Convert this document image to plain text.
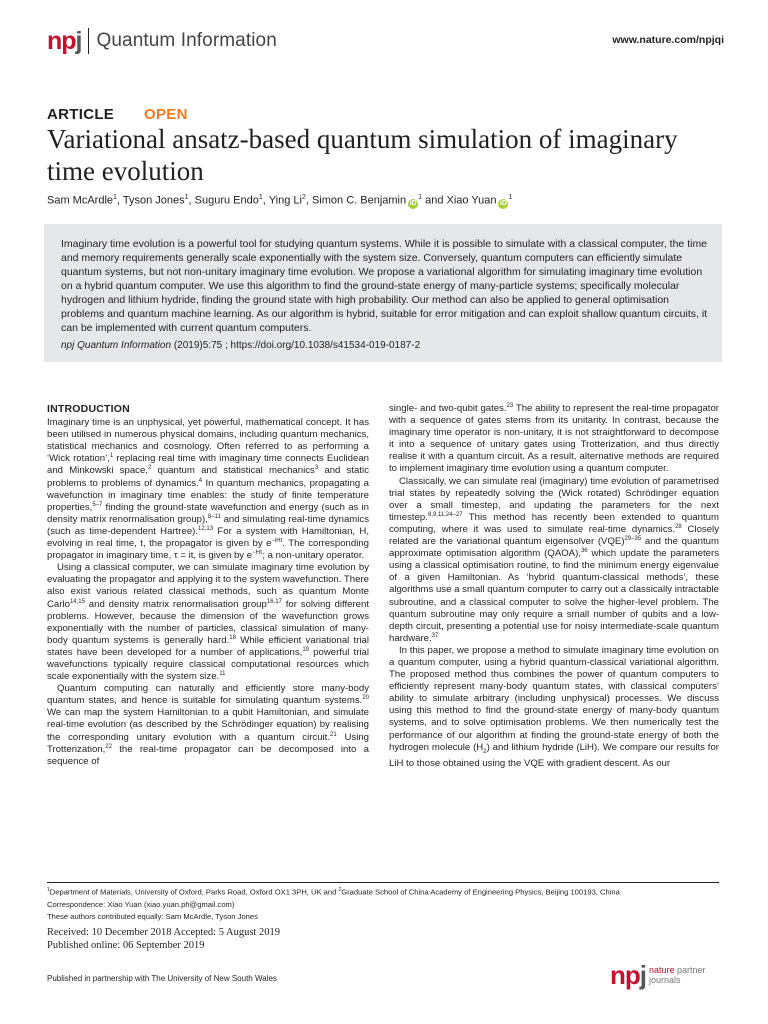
npj Quantum Information	www.nature.com/npjqi
ARTICLE OPEN
Variational ansatz-based quantum simulation of imaginary time evolution
Sam McArdle$^1$, Tyson Jones$^1$, Suguru Endo$^1$, Ying Li$^2$, Simon C. Benjamin $iD^1$ and Xiao Yuan $iD^1$

Imaginary time evolution is a powerful tool for studying quantum systems. While it is possible to simulate with a classical computer, the time and memory requirements generally scale exponentially with the system size. Conversely, quantum computers can efficiently simulate quantum systems, but not non-unitary imaginary time evolution. We propose a variational algorithm for simulating imaginary time evolution on a hybrid quantum computer. We use this algorithm to find the ground-state energy of many-particle systems; specifically molecular hydrogen and lithium hydride, finding the ground state with high probability. Our method can also be applied to general optimisation problems and quantum machine learning. As our algorithm is hybrid, suitable for error mitigation and can exploit shallow quantum circuits, it can be implemented with current quantum computers.

npj Quantum Information (2019)5:75 ; https://doi.org/10.1038/s41534-019-0187-2
INTRODUCTION

Imaginary time is an unphysical, yet powerful, mathematical concept. It has been utilised in numerous physical domains, including quantum mechanics, statistical mechanics and cosmology. Often referred to as performing a ‘Wick rotation’,$^1$ replacing real time with imaginary time connects Euclidean and Minkowski space,$^2$ quantum and statistical mechanics$^3$ and static problems to problems of dynamics.$^4$ In quantum mechanics, propagating a wavefunction in imaginary time enables: the study of finite temperature properties,$^{5-7}$ finding the ground-state wavefunction and energy (such as in density matrix renormalisation group),$^{8-11}$ and simulating real-time dynamics (such as time-dependent Hartree).$^{12,13}$ For a system with Hamiltonian, H, evolving in real time, t, the propagator is given by $e^{-iHt}$. The corresponding propagator in imaginary time, τ = it, is given by $e^{-H\tau}$; a non-unitary operator.

Using a classical computer, we can simulate imaginary time evolution by evaluating the propagator and applying it to the system wavefunction. There also exist various related classical methods, such as quantum Monte Carlo$^{14,15}$ and density matrix renormalisation group$^{16,17}$ for solving different problems. However, because the dimension of the wavefunction grows exponentially with the number of particles, classical simulation of many-body quantum systems is generally hard.$^{18}$ While efficient variational trial states have been developed for a number of applications,$^{19}$ powerful trial wavefunctions typically require classical computational resources which scale exponentially with the system size.$^{11}$

Quantum computing can naturally and efficiently store many-body quantum states, and hence is suitable for simulating quantum systems.$^{20}$ We can map the system Hamiltonian to a qubit Hamiltonian, and simulate real-time evolution (as described by the Schrödinger equation) by realising the corresponding unitary evolution with a quantum circuit.$^{21}$ Using Trotterization,$^{22}$ the real-time propagator can be decomposed into a sequence of

single- and two-qubit gates.$^{23}$ The ability to represent the real-time propagator with a sequence of gates stems from its unitarity. In contrast, because the imaginary time operator is non-unitary, it is not straightforward to decompose it into a sequence of unitary gates using Trotterization, and thus directly realise it with a quantum circuit. As a result, alternative methods are required to implement imaginary time evolution using a quantum computer.

Classically, we can simulate real (imaginary) time evolution of parametrised trial states by repeatedly solving the (Wick rotated) Schrödinger equation over a small timestep, and updating the parameters for the next timestep.$^{8,9,11,24-27}$ This method has recently been extended to quantum computing, where it was used to simulate real-time dynamics.$^{28}$ Closely related are the variational quantum eigensolver (VQE)$^{29-35}$ and the quantum approximate optimisation algorithm (QAOA),$^{36}$ which update the parameters using a classical optimisation routine, to find the minimum energy eigenvalue of a given Hamiltonian. As ‘hybrid quantum-classical methods’, these algorithms use a small quantum computer to carry out a classically intractable subroutine, and a classical computer to solve the higher-level problem. The quantum subroutine may only require a small number of qubits and a low-depth circuit, presenting a potential use for noisy intermediate-scale quantum hardware.$^{37}$

In this paper, we propose a method to simulate imaginary time evolution on a quantum computer, using a hybrid quantum-classical variational algorithm. The proposed method thus combines the power of quantum computers to efficiently represent many-body quantum states, with classical computers’ ability to simulate arbitrary (including unphysical) processes. We discuss using this method to find the ground-state energy of many-body quantum systems, and to solve optimisation problems. We then numerically test the performance of our algorithm at finding the ground-state energy of both the hydrogen molecule $(H_2)$ and lithium hydride (LiH). We compare our results for LiH to those obtained using the VQE with gradient descent. As our

$^1$Department of Materials, University of Oxford, Parks Road, Oxford OX1 3PH, UK and $^2$Graduate School of China Academy of Engineering Physics, Beijing 100193, China
Correspondence: Xiao Yuan (xiao.yuan.ph@gmail.com)
These authors contributed equally: Sam McArdle, Tyson Jones
Received: 10 December 2018 Accepted: 5 August 2019
Published online: 06 September 2019
Published in partnership with The University of New South Wales	npj nature partner
journals
